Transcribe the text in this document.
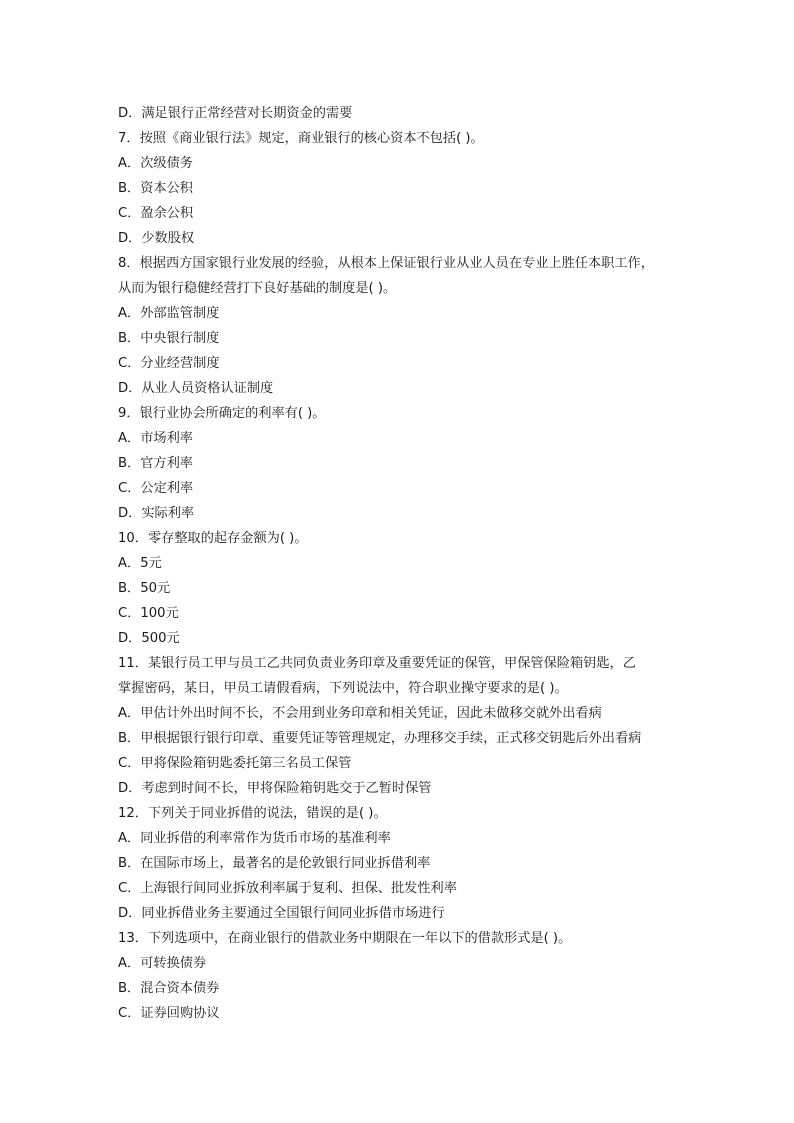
D．满足银行正常经营对长期资金的需要
7．按照《商业银行法》规定，商业银行的核心资本不包括( )。
A．次级债务
B．资本公积
C．盈余公积
D．少数股权
8．根据西方国家银行业发展的经验，从根本上保证银行业从业人员在专业上胜任本职工作，
从而为银行稳健经营打下良好基础的制度是( )。
A．外部监管制度
B．中央银行制度
C．分业经营制度
D．从业人员资格认证制度
9．银行业协会所确定的利率有( )。
A．市场利率
B．官方利率
C．公定利率
D．实际利率
10．零存整取的起存金额为( )。
A．5元
B．50元
C．100元
D．500元
11．某银行员工甲与员工乙共同负责业务印章及重要凭证的保管，甲保管保险箱钥匙，乙
掌握密码，某日，甲员工请假看病，下列说法中，符合职业操守要求的是( )。
A．甲估计外出时间不长，不会用到业务印章和相关凭证，因此未做移交就外出看病
B．甲根据银行银行印章、重要凭证等管理规定，办理移交手续，正式移交钥匙后外出看病
C．甲将保险箱钥匙委托第三名员工保管
D．考虑到时间不长，甲将保险箱钥匙交于乙暂时保管
12．下列关于同业拆借的说法，错误的是( )。
A．同业拆借的利率常作为货币市场的基准利率
B．在国际市场上，最著名的是伦敦银行同业拆借利率
C．上海银行间同业拆放利率属于复利、担保、批发性利率
D．同业拆借业务主要通过全国银行间同业拆借市场进行
13．下列选项中，在商业银行的借款业务中期限在一年以下的借款形式是( )。
A．可转换债券
B．混合资本债券
C．证券回购协议
